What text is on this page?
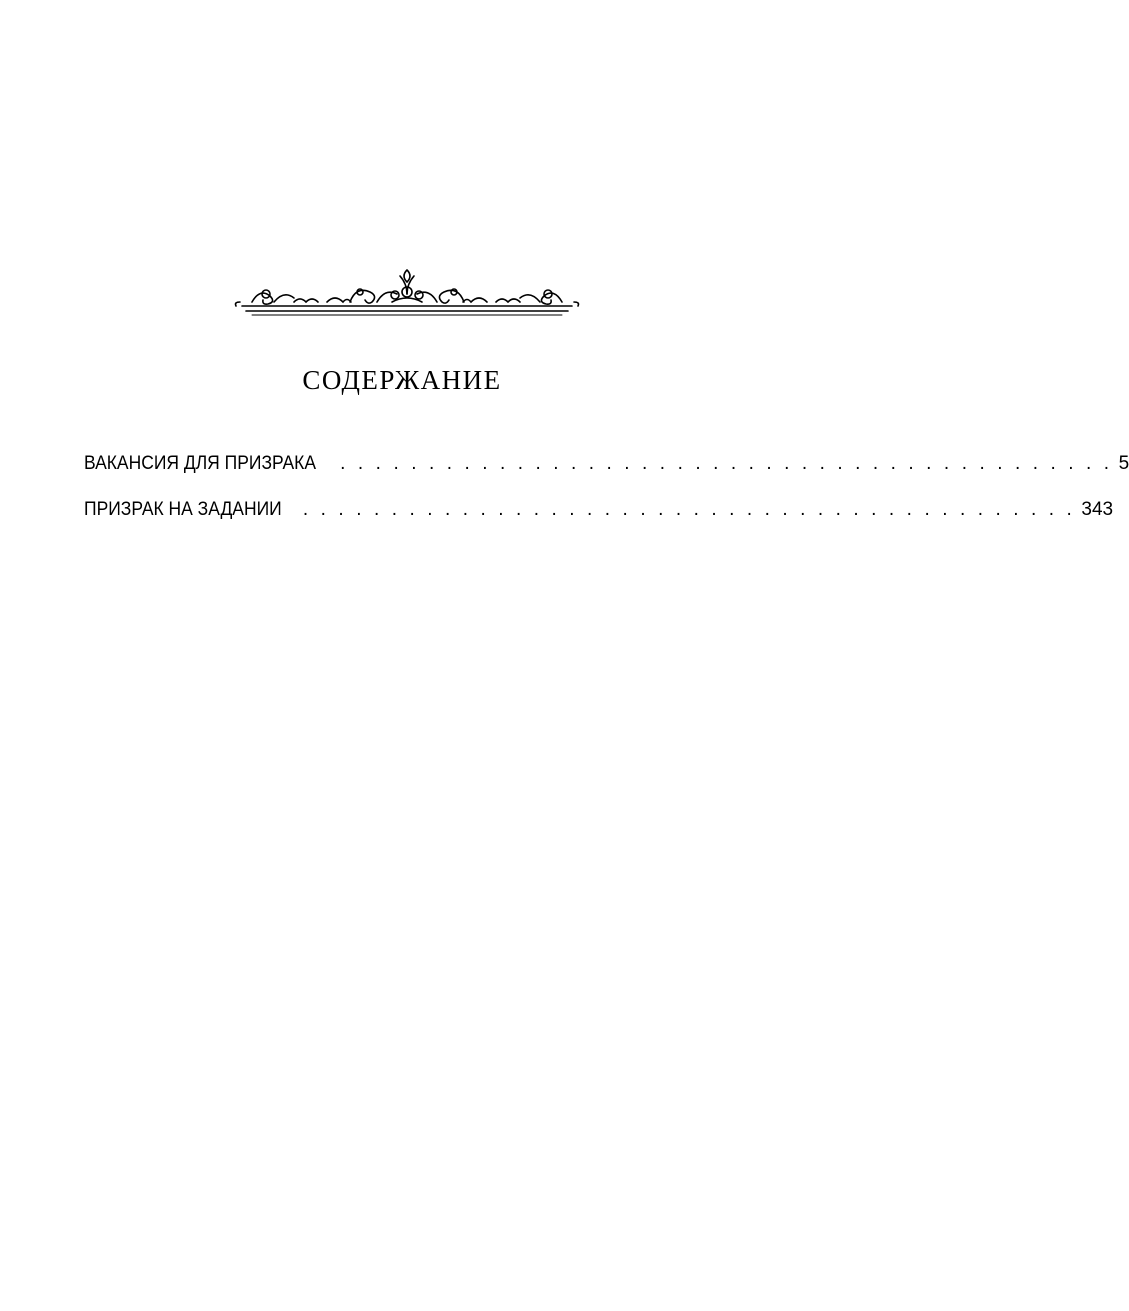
СОДЕРЖАНИЕ
ВАКАНСИЯ ДЛЯ ПРИЗРАКА . . . . . . . . . . . . . . . . . . . . . . . . . . . . . . . . . . . . . . . . . . . . 5
ПРИЗРАК НА ЗАДАНИИ . . . . . . . . . . . . . . . . . . . . . . . . . . . . . . . . . . . . . . . . . . . . 343
